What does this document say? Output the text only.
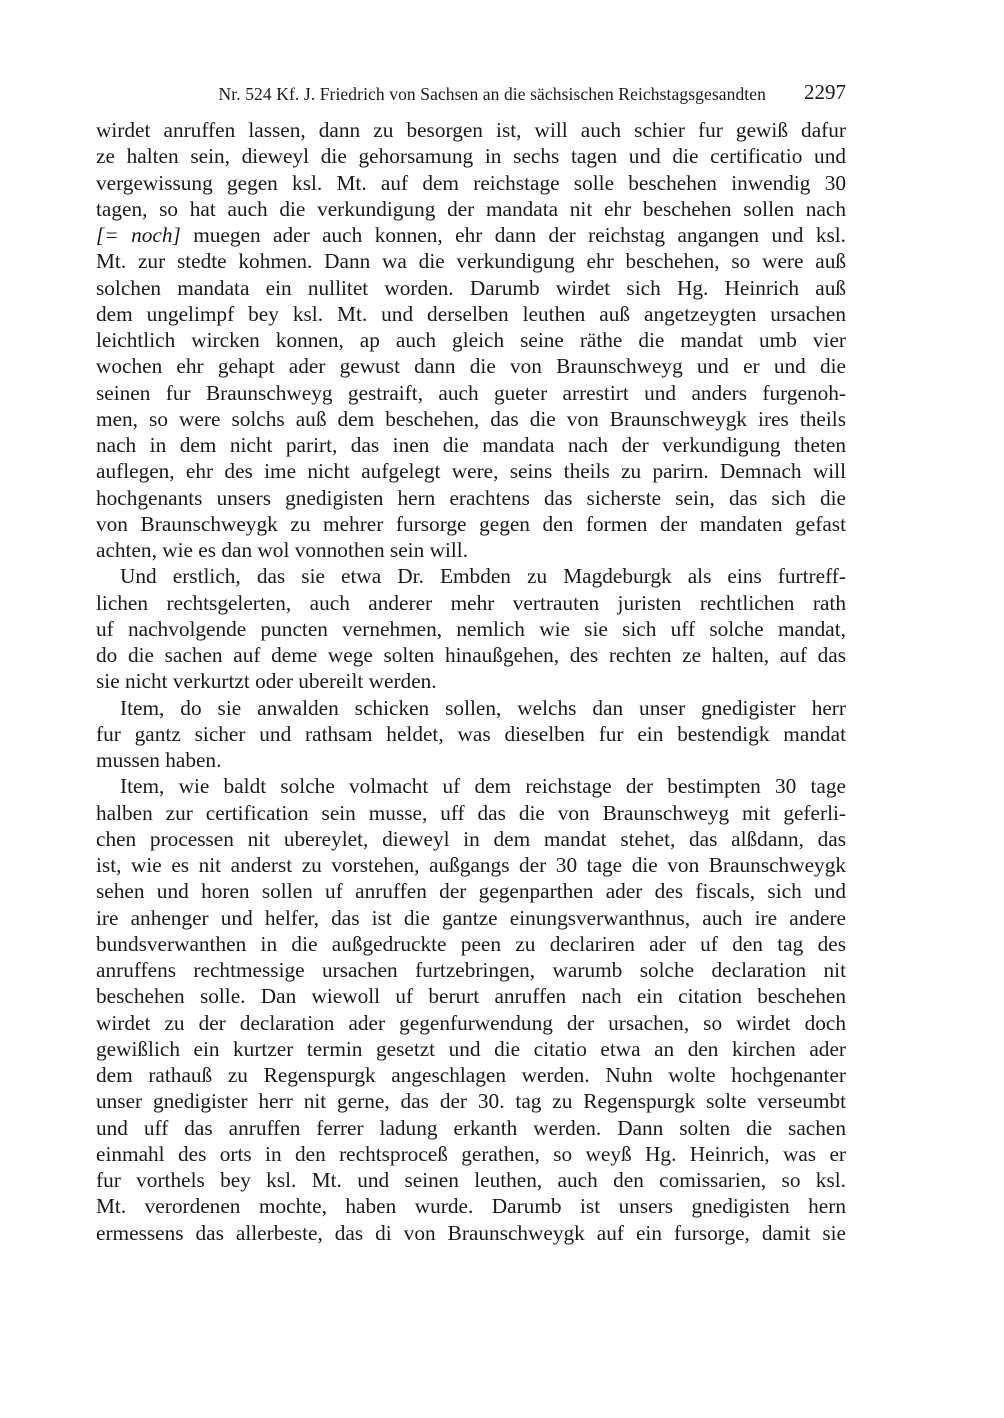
Nr. 524 Kf. J. Friedrich von Sachsen an die sächsischen Reichstagsgesandten 2297
wirdet anruffen lassen, dann zu besorgen ist, will auch schier fur gewiß dafur
ze halten sein, dieweyl die gehorsamung in sechs tagen und die certificatio und
vergewissung gegen ksl. Mt. auf dem reichstage solle beschehen inwendig 30
tagen, so hat auch die verkundigung der mandata nit ehr beschehen sollen nach
[= noch] muegen ader auch konnen, ehr dann der reichstag angangen und ksl.
Mt. zur stedte kohmen. Dann wa die verkundigung ehr beschehen, so were auß
solchen mandata ein nullitet worden. Darumb wirdet sich Hg. Heinrich auß
dem ungelimpf bey ksl. Mt. und derselben leuthen auß angetzeygten ursachen
leichtlich wircken konnen, ap auch gleich seine räthe die mandat umb vier
wochen ehr gehapt ader gewust dann die von Braunschweyg und er und die
seinen fur Braunschweyg gestraift, auch gueter arrestirt und anders furgenoh-
men, so were solchs auß dem beschehen, das die von Braunschweygk ires theils
nach in dem nicht parirt, das inen die mandata nach der verkundigung theten
auflegen, ehr des ime nicht aufgelegt were, seins theils zu parirn. Demnach will
hochgenants unsers gnedigisten hern erachtens das sicherste sein, das sich die
von Braunschweygk zu mehrer fursorge gegen den formen der mandaten gefast
achten, wie es dan wol vonnothen sein will.
Und erstlich, das sie etwa Dr. Embden zu Magdeburgk als eins furtreff-
lichen rechtsgelerten, auch anderer mehr vertrauten juristen rechtlichen rath
uf nachvolgende puncten vernehmen, nemlich wie sie sich uff solche mandat,
do die sachen auf deme wege solten hinaußgehen, des rechten ze halten, auf das
sie nicht verkurtzt oder ubereilt werden.
Item, do sie anwalden schicken sollen, welchs dan unser gnedigister herr
fur gantz sicher und rathsam heldet, was dieselben fur ein bestendigk mandat
mussen haben.
Item, wie baldt solche volmacht uf dem reichstage der bestimpten 30 tage
halben zur certification sein musse, uff das die von Braunschweyg mit geferli-
chen processen nit ubereylet, dieweyl in dem mandat stehet, das alßdann, das
ist, wie es nit anderst zu vorstehen, außgangs der 30 tage die von Braunschweygk
sehen und horen sollen uf anruffen der gegenparthen ader des fiscals, sich und
ire anhenger und helfer, das ist die gantze einungsverwanthnus, auch ire andere
bundsverwanthen in die außgedruckte peen zu declariren ader uf den tag des
anruffens rechtmessige ursachen furtzebringen, warumb solche declaration nit
beschehen solle. Dan wiewoll uf berurt anruffen nach ein citation beschehen
wirdet zu der declaration ader gegenfurwendung der ursachen, so wirdet doch
gewißlich ein kurtzer termin gesetzt und die citatio etwa an den kirchen ader
dem rathauß zu Regenspurgk angeschlagen werden. Nuhn wolte hochgenanter
unser gnedigister herr nit gerne, das der 30. tag zu Regenspurgk solte verseumbt
und uff das anruffen ferrer ladung erkanth werden. Dann solten die sachen
einmahl des orts in den rechtsproceß gerathen, so weyß Hg. Heinrich, was er
fur vorthels bey ksl. Mt. und seinen leuthen, auch den comissarien, so ksl.
Mt. verordenen mochte, haben wurde. Darumb ist unsers gnedigisten hern
ermessens das allerbeste, das di von Braunschweygk auf ein fursorge, damit sie
